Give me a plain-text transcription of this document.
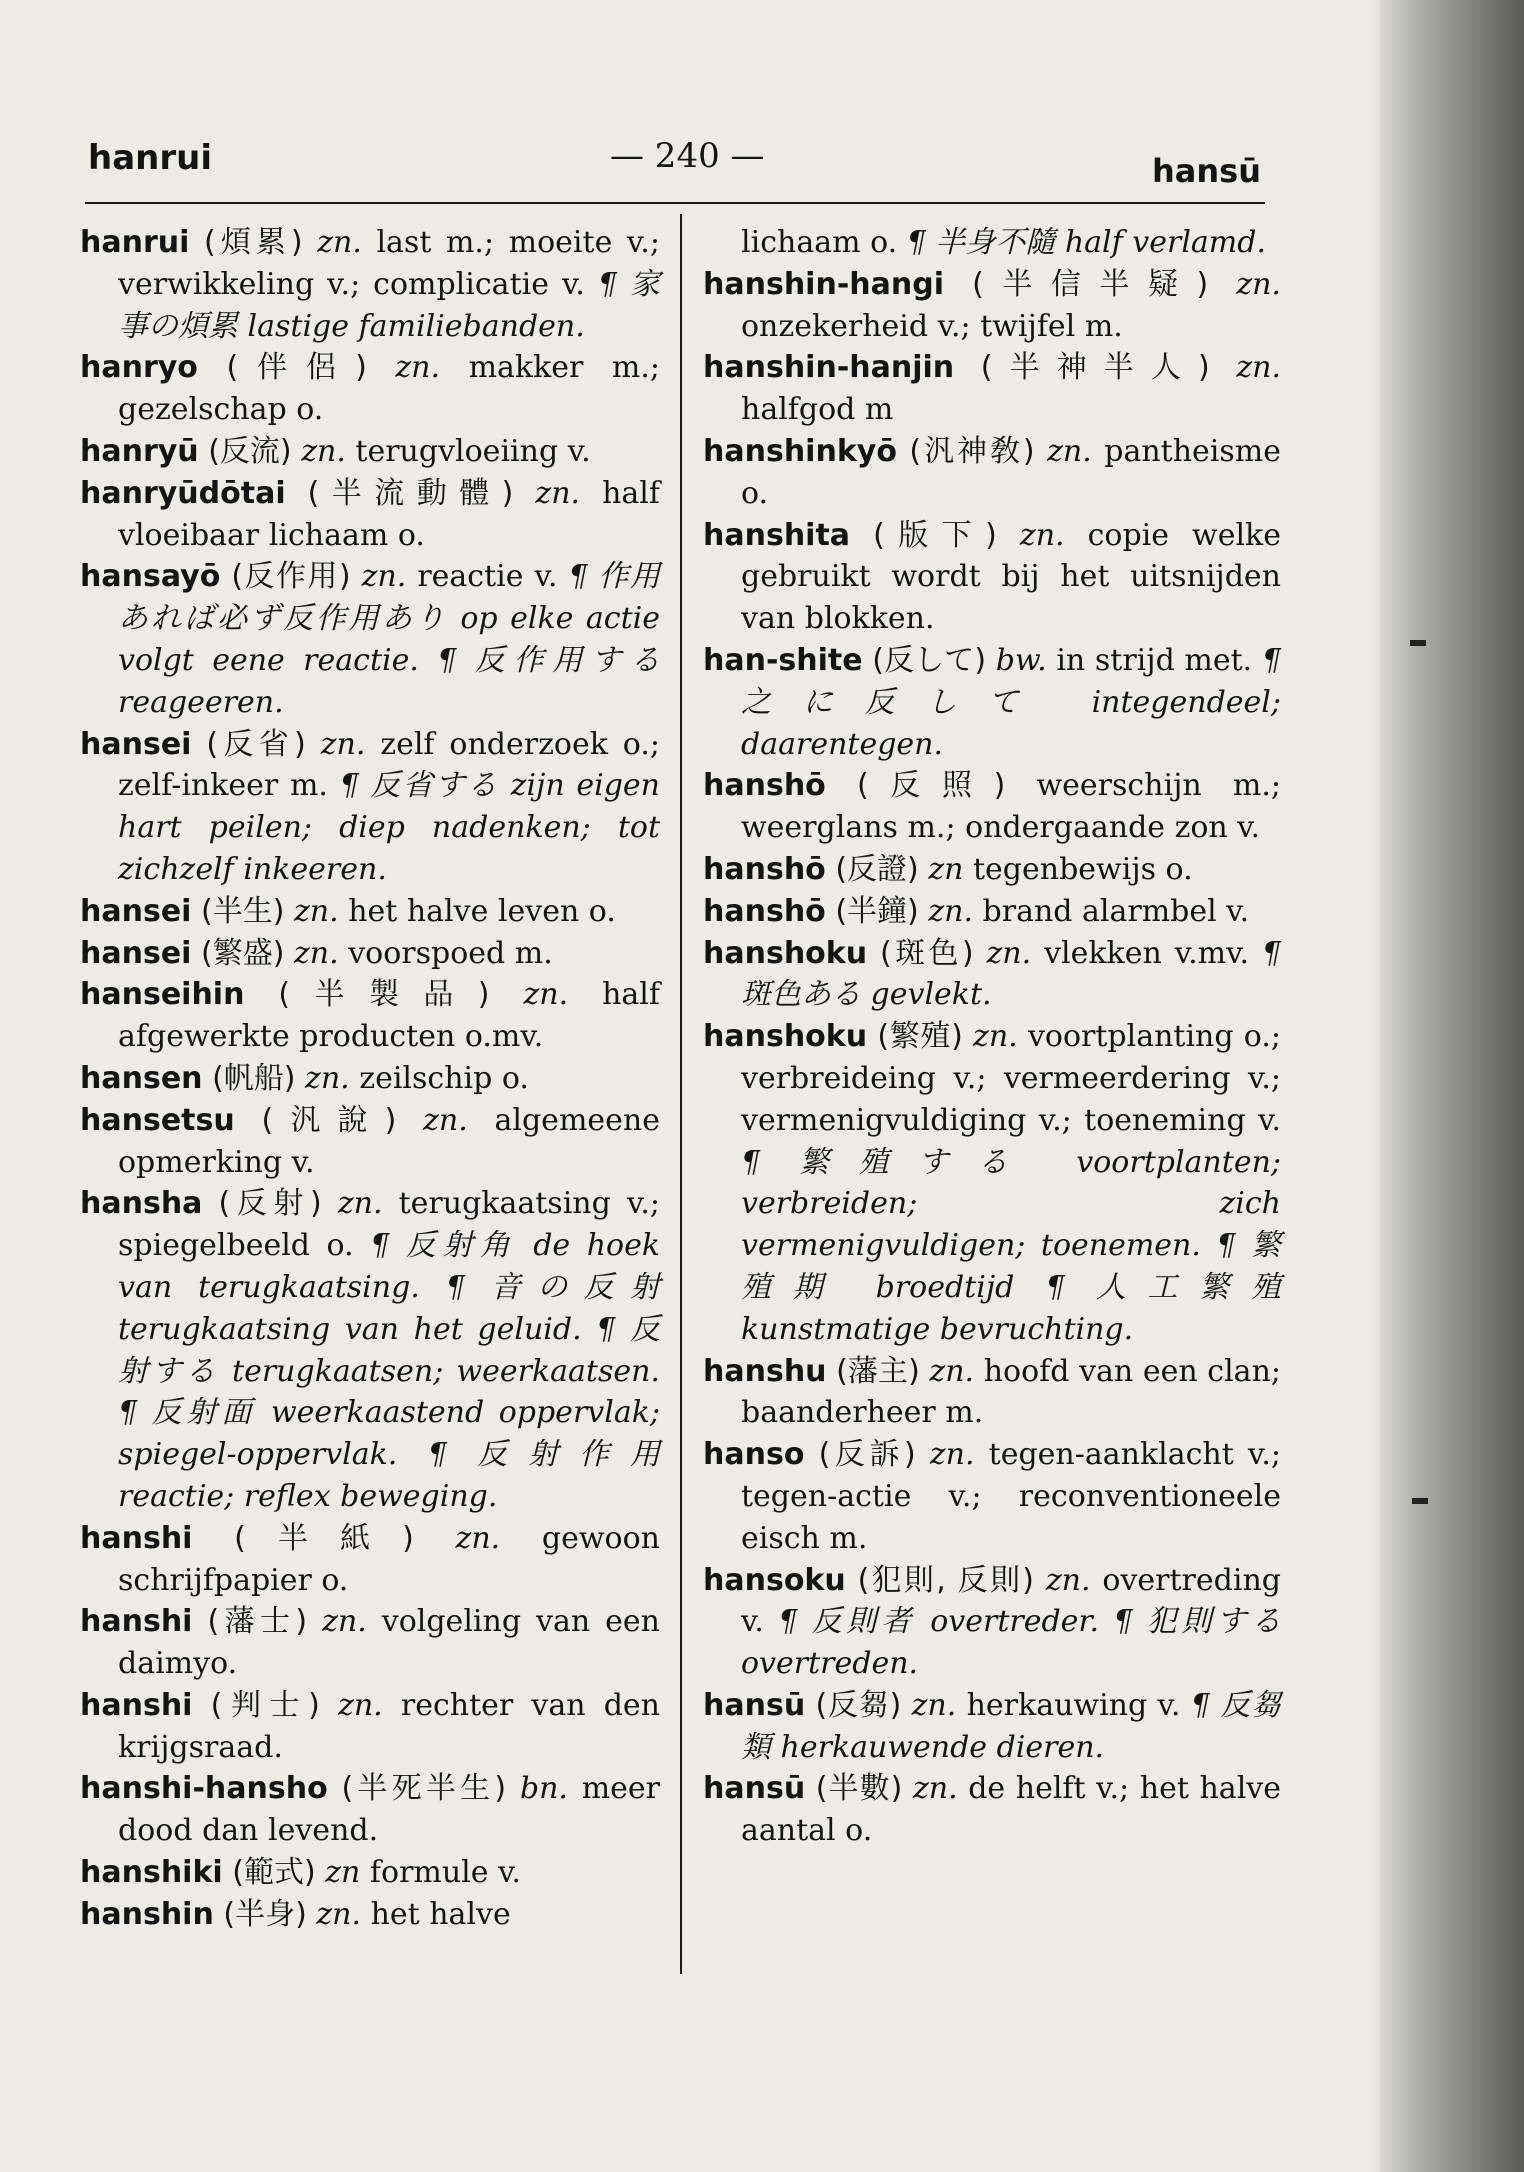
hanrui	— 240 —	hansū

hanrui (煩累) zn. last m.; moeite v.; verwikkeling v.; complicatie v. ¶ 家事の煩累 lastige familiebanden.

hanryo (伴侶) zn. makker m.; gezelschap o.

hanryū (反流) zn. terugvloeiing v.

hanryūdōtai (半流動體) zn. half vloeibaar lichaam o.

hansayō (反作用) zn. reactie v. ¶ 作用あれば必ず反作用あり op elke actie volgt eene reactie. ¶ 反作用する reageeren.

hansei (反省) zn. zelf onderzoek o.; zelf-inkeer m. ¶ 反省する zijn eigen hart peilen; diep nadenken; tot zichzelf inkeeren.

hansei (半生) zn. het halve leven o.

hansei (繁盛) zn. voorspoed m.

hanseihin (半製品) zn. half afgewerkte producten o.mv.

hansen (帆船) zn. zeilschip o.

hansetsu (汎說) zn. algemeene opmerking v.

hansha (反射) zn. terugkaatsing v.; spiegelbeeld o. ¶ 反射角 de hoek van terugkaatsing. ¶ 音の反射 terugkaatsing van het geluid. ¶ 反射する terugkaatsen; weerkaatsen. ¶ 反射面 weerkaastend oppervlak; spiegel-oppervlak. ¶ 反射作用 reactie; reflex beweging.

hanshi (半紙) zn. gewoon schrijfpapier o.

hanshi (藩士) zn. volgeling van een daimyo.

hanshi (判士) zn. rechter van den krijgsraad.

hanshi-hansho (半死半生) bn. meer dood dan levend.

hanshiki (範式) zn formule v.

hanshin (半身) zn. het halve

lichaam o. ¶ 半身不隨 half verlamd.

hanshin-hangi (半信半疑) zn. onzekerheid v.; twijfel m.

hanshin-hanjin (半神半人) zn. halfgod m

hanshinkyō (汎神敎) zn. pantheisme o.

hanshita (版下) zn. copie welke gebruikt wordt bij het uitsnijden van blokken.

han-shite (反して) bw. in strijd met. ¶ 之に反して integendeel; daarentegen.

hanshō (反照) weerschijn m.; weerglans m.; ondergaande zon v.

hanshō (反證) zn tegenbewijs o.

hanshō (半鐘) zn. brand alarmbel v.

hanshoku (斑色) zn. vlekken v.mv. ¶ 斑色ある gevlekt.

hanshoku (繁殖) zn. voortplanting o.; verbreideing v.; vermeerdering v.; vermenigvuldiging v.; toeneming v. ¶ 繁殖する voortplanten; verbreiden; zich vermenigvuldigen; toenemen. ¶ 繁殖期 broedtijd ¶ 人工繁殖 kunstmatige bevruchting.

hanshu (藩主) zn. hoofd van een clan; baanderheer m.

hanso (反訴) zn. tegen-aanklacht v.; tegen-actie v.; reconventioneele eisch m.

hansoku (犯則, 反則) zn. overtreding v. ¶ 反則者 overtreder. ¶ 犯則する overtreden.

hansū (反芻) zn. herkauwing v. ¶ 反芻類 herkauwende dieren.

hansū (半數) zn. de helft v.; het halve aantal o.
